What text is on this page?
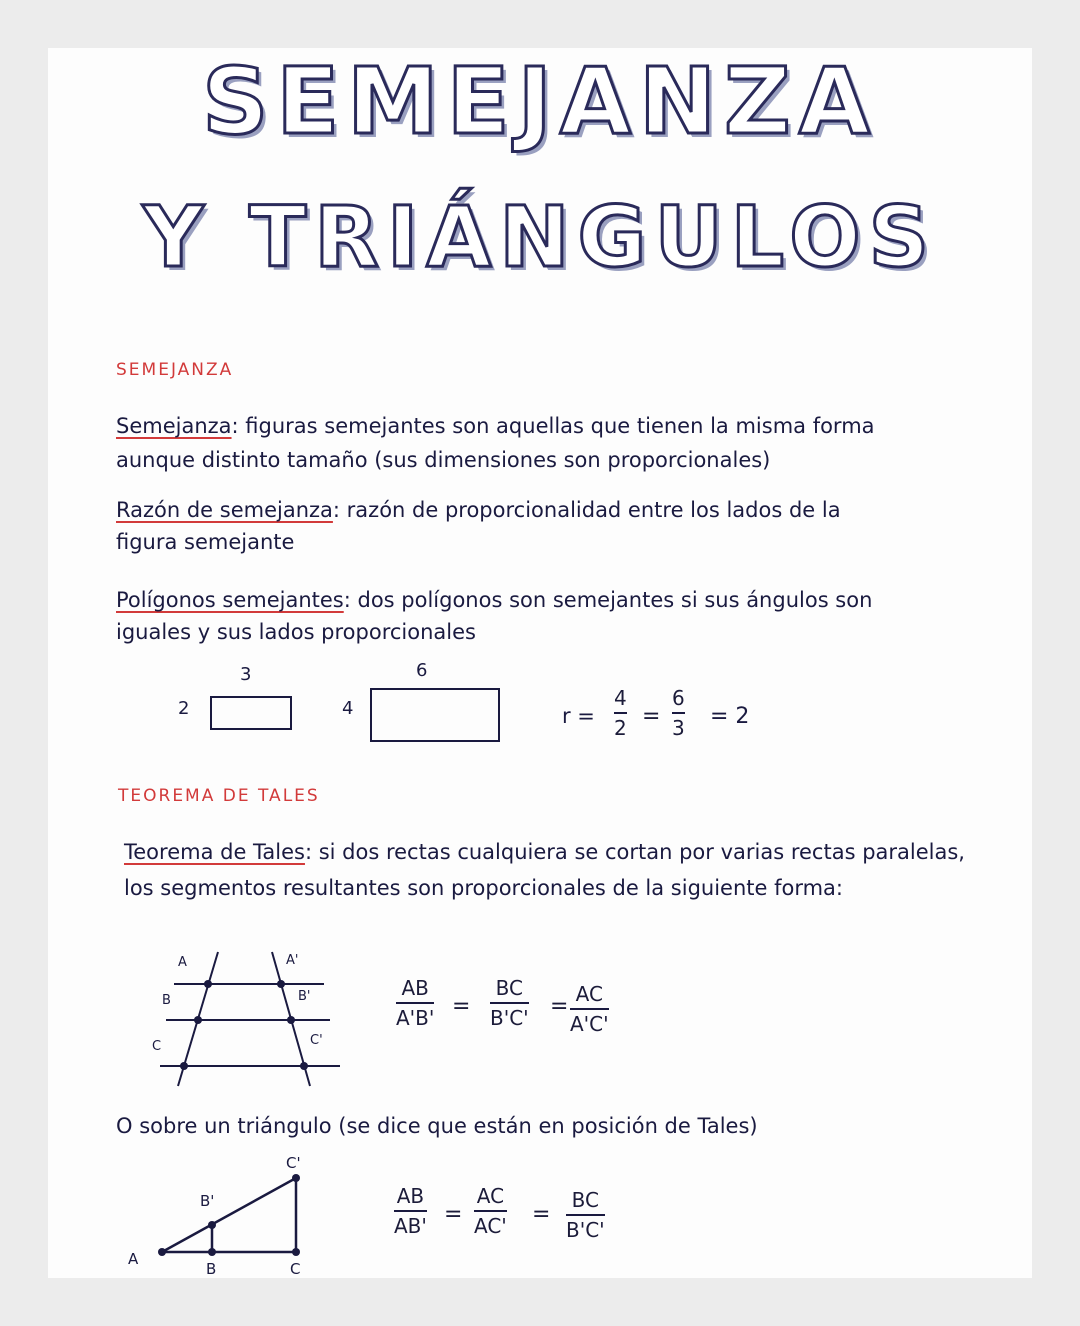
SEMEJANZA
Y TRIÁNGULOS
SEMEJANZA
Semejanza: figuras semejantes son aquellas que tienen la misma forma
aunque distinto tamaño (sus dimensiones son proporcionales)
Razón de semejanza: razón de proporcionalidad entre los lados de la
figura semejante
Polígonos semejantes: dos polígonos son semejantes si sus ángulos son
iguales y sus lados proporcionales
3
2
6
4	r =
4
2 =
6
3 = 2
TEOREMA DE TALES
Teorema de Tales: si dos rectas cualquiera se cortan por varias rectas paralelas,
los segmentos resultantes son proporcionales de la siguiente forma:
A
B
C
A'
B'
C'
AB
A'B' =
BC
B'C' = AC
A'C'
O sobre un triángulo (se dice que están en posición de Tales)
A
B	C
B'
C'
AB
AB' =
AC
AC' =
BC
B'C'
